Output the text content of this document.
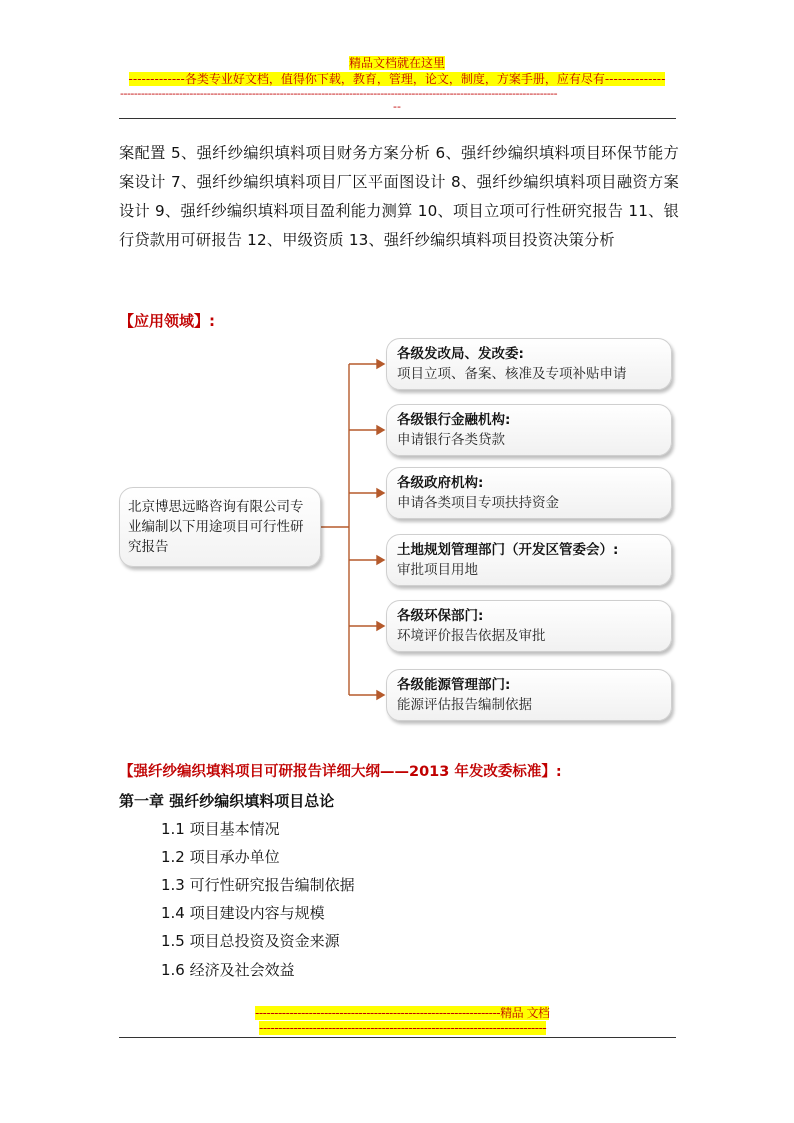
精品文档就在这里
-------------各类专业好文档，值得你下载，教育，管理，论文，制度，方案手册，应有尽有--------------
------------------------------------------------------------------------------------------------------------------------------
--
案配置 5、强纤纱编织填料项目财务方案分析 6、强纤纱编织填料项目环保节能方案设计 7、强纤纱编织填料项目厂区平面图设计 8、强纤纱编织填料项目融资方案设计 9、强纤纱编织填料项目盈利能力测算 10、项目立项可行性研究报告 11、银行贷款用可研报告 12、甲级资质 13、强纤纱编织填料项目投资决策分析
【应用领域】:
北京博思远略咨询有限公司专业编制以下用途项目可行性研究报告
各级发改局、发改委:
项目立项、备案、核准及专项补贴申请
各级银行金融机构:
申请银行各类贷款
各级政府机构:
申请各类项目专项扶持资金
土地规划管理部门（开发区管委会）:
审批项目用地
各级环保部门:
环境评价报告依据及审批
各级能源管理部门:
能源评估报告编制依据
【强纤纱编织填料项目可研报告详细大纲——2013 年发改委标准】:
第一章 强纤纱编织填料项目总论
1.1 项目基本情况
1.2 项目承办单位
1.3 可行性研究报告编制依据
1.4 项目建设内容与规模
1.5 项目总投资及资金来源
1.6 经济及社会效益
----------------------------------------------------------------精品 文档
---------------------------------------------------------------------------
